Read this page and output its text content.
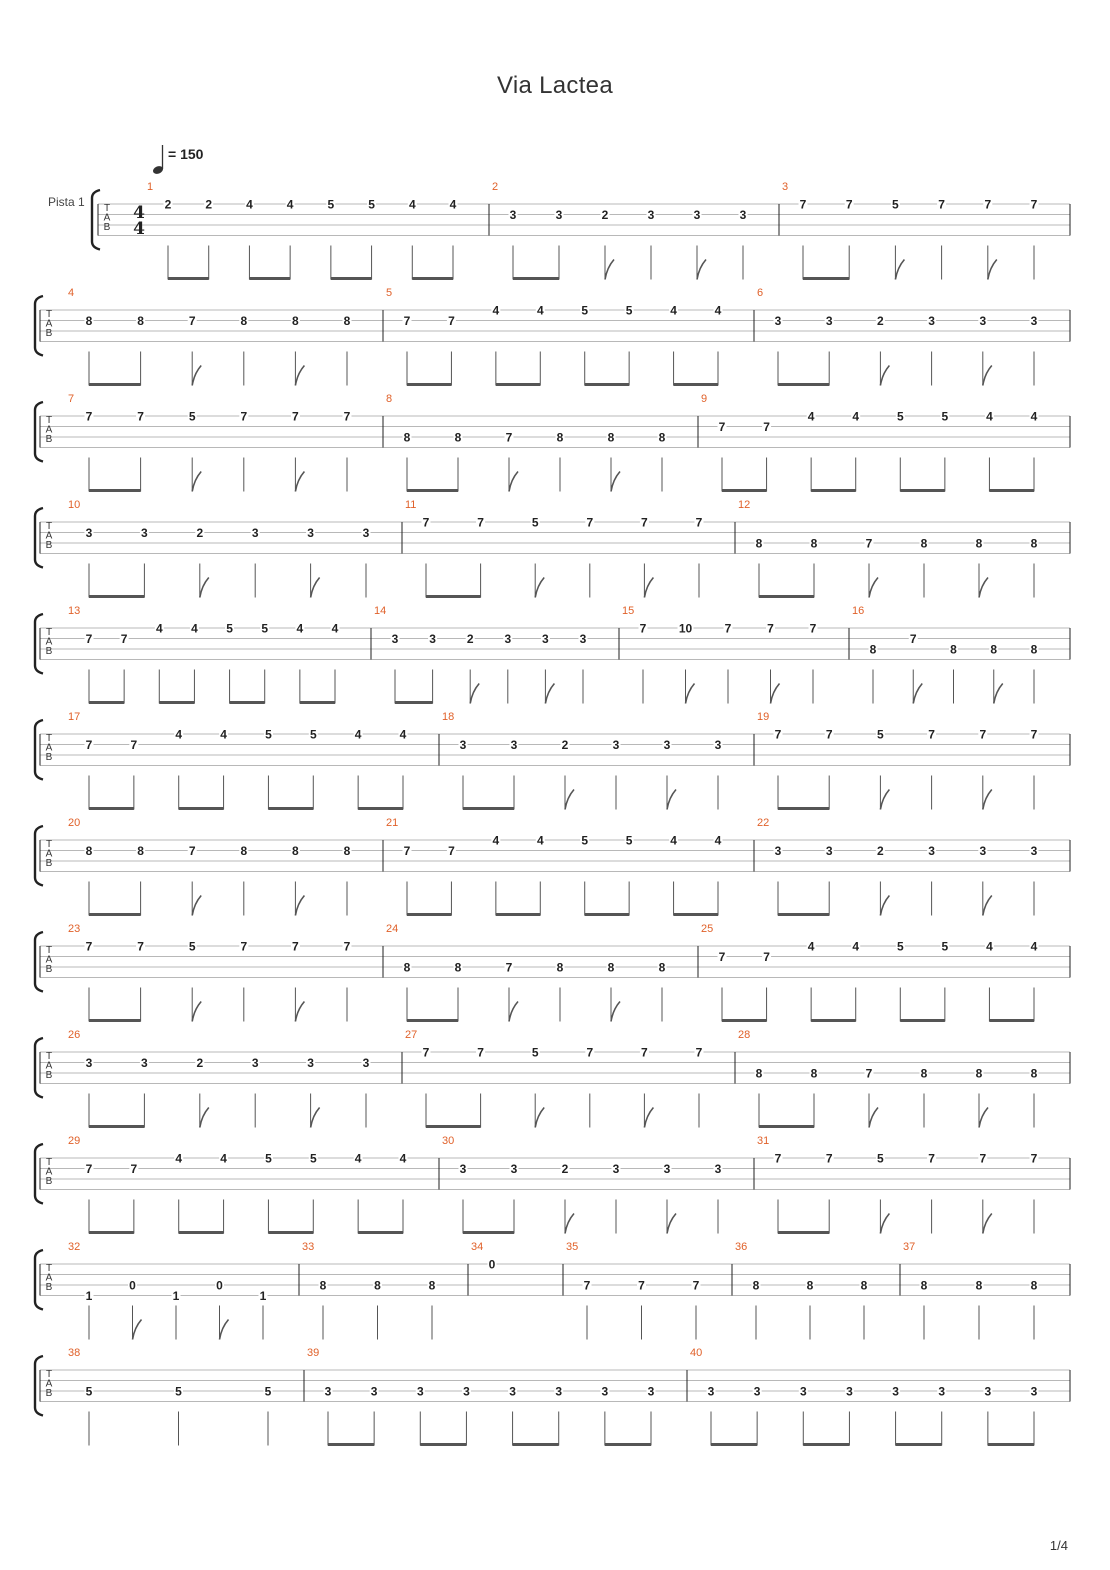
Via Lactea
= 150
Pista 1 T
A
B
4
4
1
2	2	4	4	5	5	4	4
2
3	3	2	3	3	3
3
7	7	5	7	7	7
T
A
B
4
8	8	7	8	8	8
5
7	7
4	4	5	5	4	4
6
3	3	2	3	3	3
T
A
B
7
7	7	5	7	7	7
8
8	8	7	8	8	8
9
7	7
4	4	5	5	4	4
T
A
B
10
3	3	2	3	3	3
11
7	7	5	7	7	7
12
8	8	7	8	8	8
T
A
B
13
7 7
4 4 5 5 4 4
14
3	3	2	3	3	3
15
7	10	7	7	7
16
8
7
8	8	8
T
A
B
17
7	7
4	4	5	5	4	4
18
3	3	2	3	3	3
19
7	7	5	7	7	7
T
A
B
20
8	8	7	8	8	8
21
7	7
4	4	5	5	4	4
22
3	3	2	3	3	3
T
A
B
23
7	7	5	7	7	7
24
8	8	7	8	8	8
25
7	7
4	4	5	5	4	4
T
A
B
26
3	3	2	3	3	3
27
7	7	5	7	7	7
28
8	8	7	8	8	8
T
A
B
29
7	7
4	4	5	5	4	4
30
3	3	2	3	3	3
31
7	7	5	7	7	7
T
A
B
32
1
0
1
0
1
33
8	8	8
34
0
35
7	7	7
36
8	8	8
37
8	8	8
T
A
B
38
5	5	5
39
3	3	3	3	3	3	3	3
40
3	3	3	3	3	3	3	3
1/4
